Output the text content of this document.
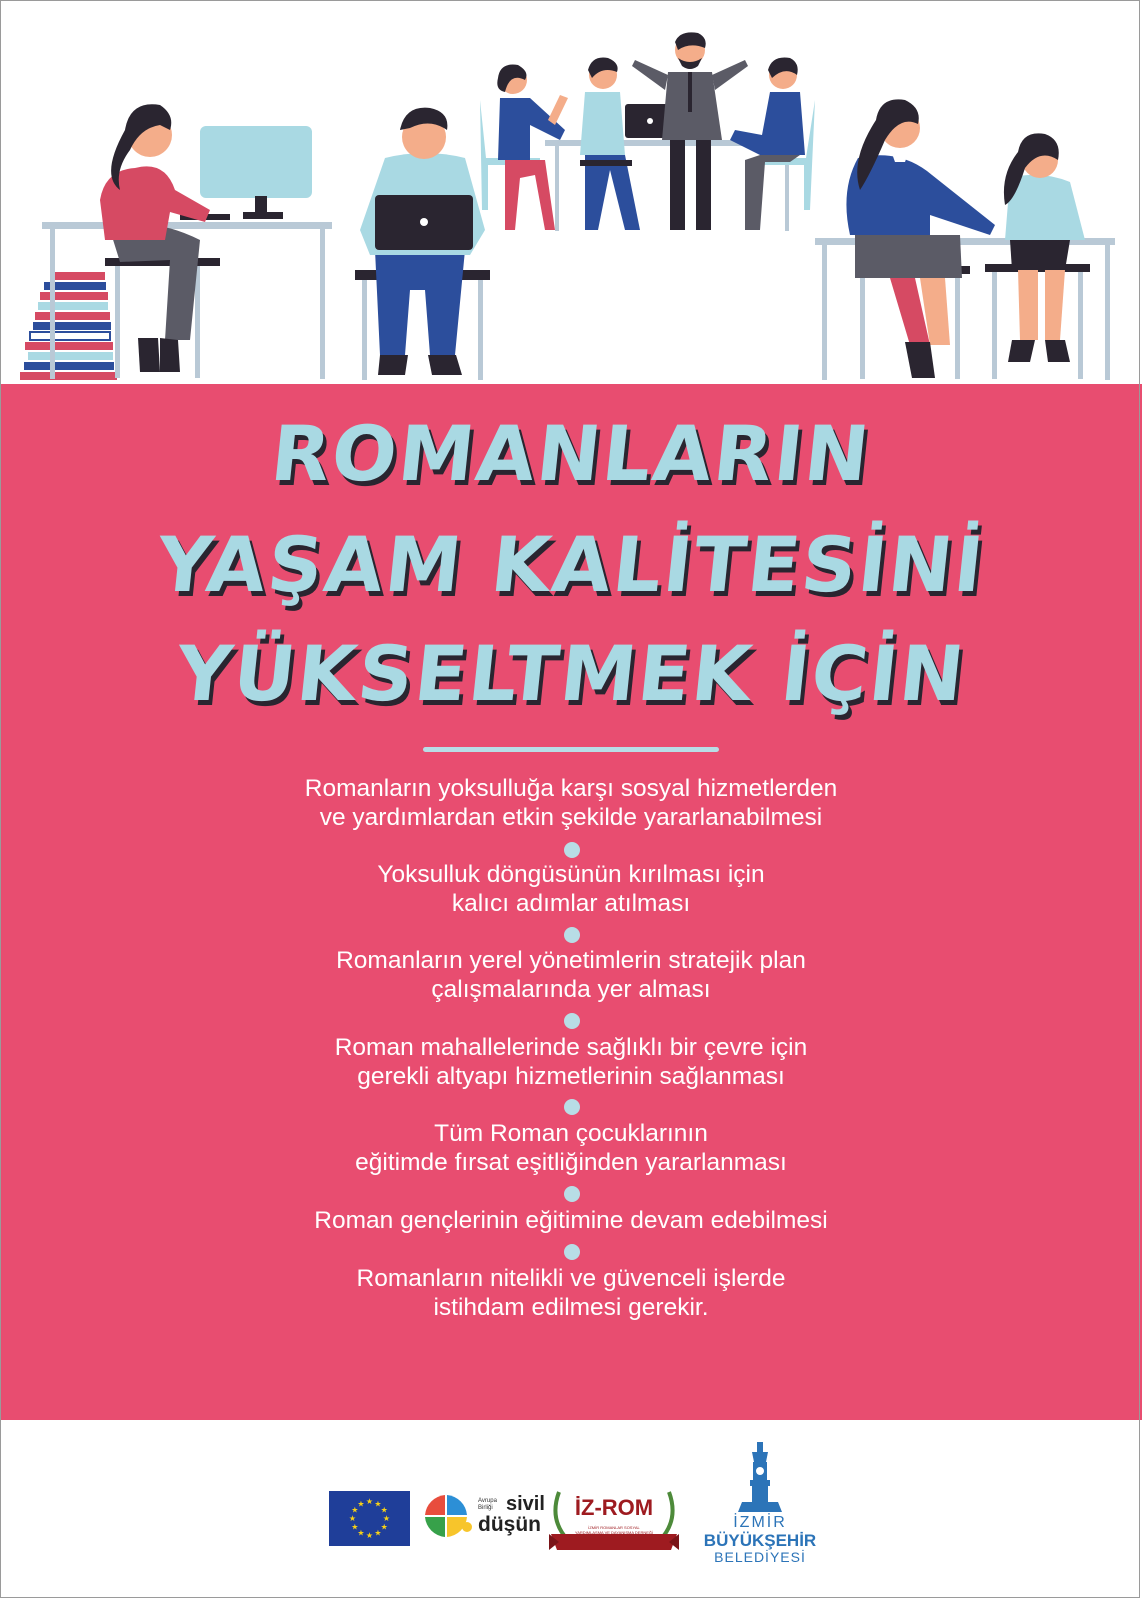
ROMANLARIN
YAŞAM KALİTESİNİ
YÜKSELTMEK İÇİN
Romanların yoksulluğa karşı sosyal hizmetlerden
ve yardımlardan etkin şekilde yararlanabilmesi
Yoksulluk döngüsünün kırılması için
kalıcı adımlar atılması
Romanların yerel yönetimlerin stratejik plan
çalışmalarında yer alması
Roman mahallelerinde sağlıklı bir çevre için
gerekli altyapı hizmetlerinin sağlanması
Tüm Roman çocuklarının
eğitimde fırsat eşitliğinden yararlanması
Roman gençlerinin eğitimine devam edebilmesi
Romanların nitelikli ve güvenceli işlerde
istihdam edilmesi gerekir.
★ ★
★
★
★
★
★
★
★
★
★
★	Avrupa
Birliği sivil
düşün
İZ-ROM
İZMİR ROMANLAR SOSYAL
YARDIMLAŞMA VE DAYANIŞMA DERNEĞİ
İZMİR
BÜYÜKŞEHİR
BELEDİYESİ
